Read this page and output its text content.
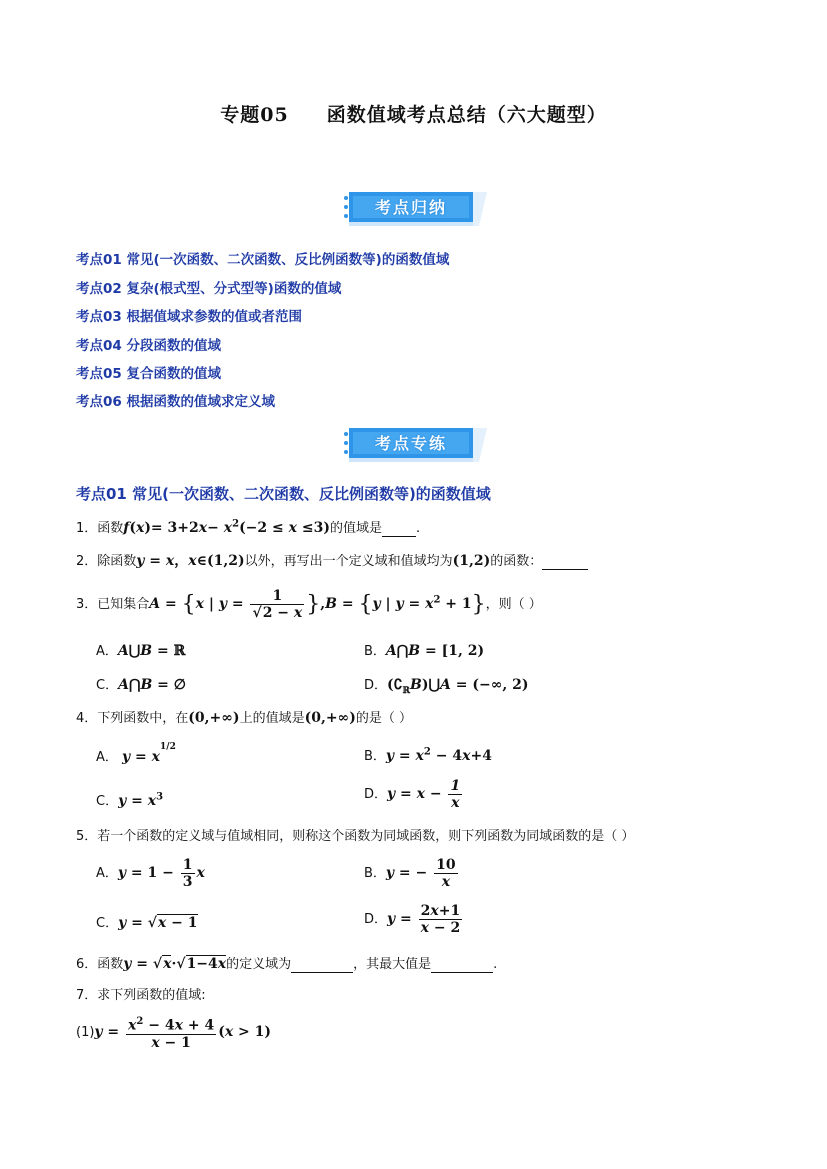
专题05 函数值域考点总结（六大题型）
考点归纳
考点01 常见(一次函数、二次函数、反比例函数等)的函数值域
考点02 复杂(根式型、分式型等)函数的值域
考点03 根据值域求参数的值或者范围
考点04 分段函数的值域
考点05 复合函数的值域
考点06 根据函数的值域求定义域
考点专练
考点01 常见(一次函数、二次函数、反比例函数等)的函数值域
1．函数$f(x)= 3+2x- x^2(-2 \le x \le 3)$的值域是	.
2．除函数y = x，x∈(1,2)以外，再写出一个定义域和值域均为(1,2)的函数：
3．已知集合A = {x | $y = \frac{1}{√2 - x} \},B = \{y$ | $y = x^2 + 1$}，则（ ）
A．A⋃B = ℝ	B．A⋂B = [1, 2)
C．A⋂B = ∅	D．$(∁_ℝB)⋃A$ = (−∞, 2)
4．下列函数中，在(0,+∞)上的值域是(0,+∞)的是（ ）
A． $y = x^{1/2}$
B．$y = x^2 - 4x+4$
C．$y = x^3$	D．$y = x - \frac{1}{x}$
5．若一个函数的定义域与值域相同，则称这个函数为同域函数，则下列函数为同域函数的是（ ）
A．$y = 1 - \frac{1}{3}$ x	B．y = − $\frac{10}{x}$
C．y = √x − 1	D．$y = \frac{2x+1}{x - 2}$
6．函数y = √x·√1−4x的定义域为	，其最大值是	.
7．求下列函数的值域:
$(1)y = \frac{x^2 - 4x + 4}{x - 1} (x > 1)$
